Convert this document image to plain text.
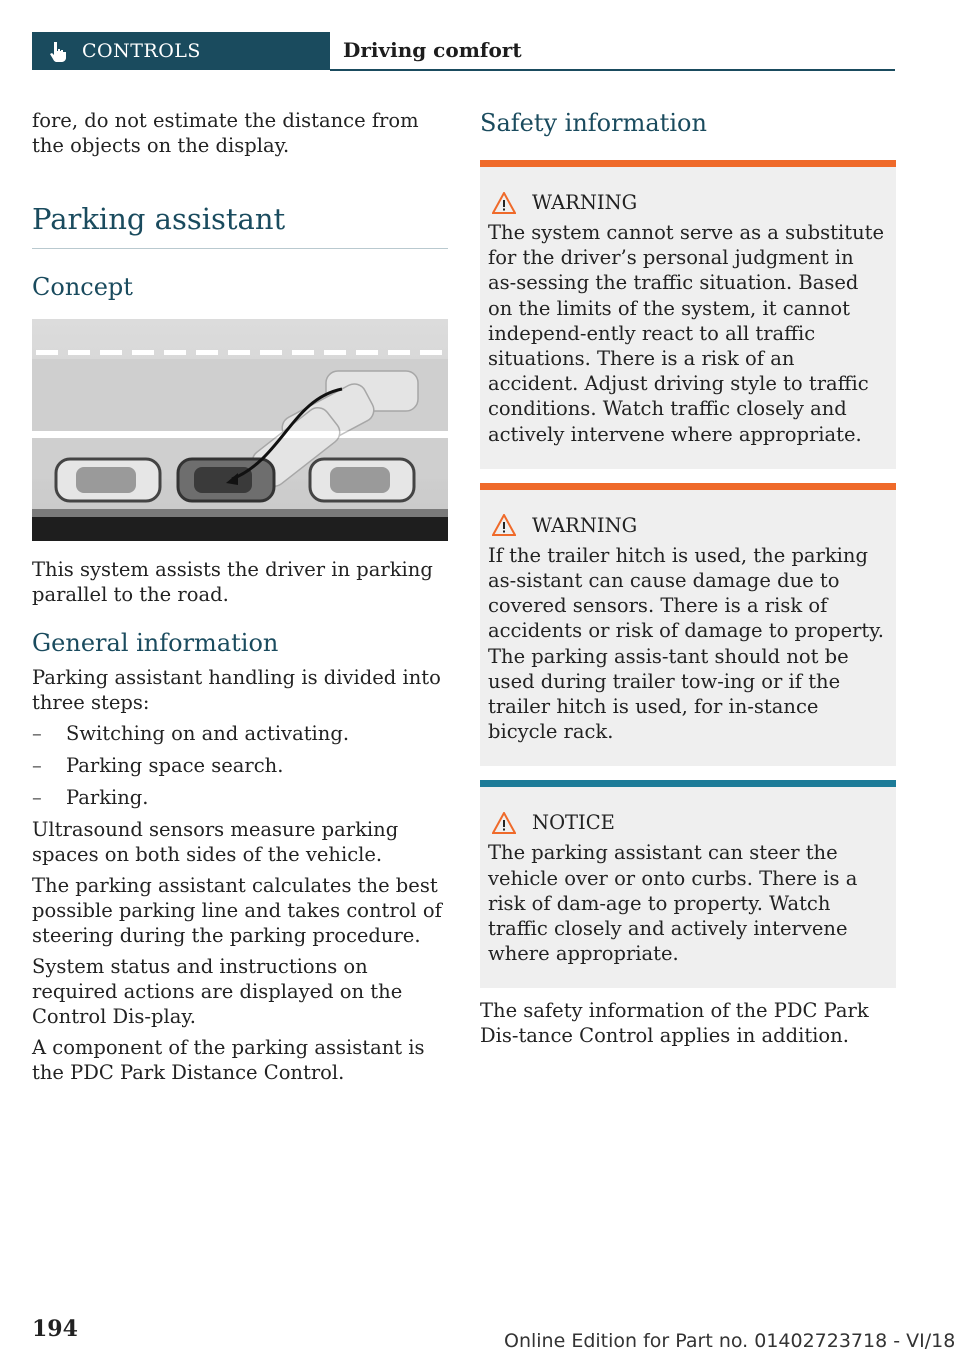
CONTROLS	Driving comfort

fore, do not estimate the distance from the objects on the display.

Parking assistant
Concept

This system assists the driver in parking parallel to the road.

General information

Parking assistant handling is divided into three steps:

– Switching on and activating.
– Parking space search.
– Parking.

Ultrasound sensors measure parking spaces on both sides of the vehicle.

The parking assistant calculates the best possible parking line and takes control of steering during the parking procedure.

System status and instructions on required actions are displayed on the Control Dis-play.

A component of the parking assistant is the PDC Park Distance Control.

Safety information
WARNING

The system cannot serve as a substitute for the driver’s personal judgment in as-sessing the traffic situation. Based on the limits of the system, it cannot independ-ently react to all traffic situations. There is a risk of an accident. Adjust driving style to traffic conditions. Watch traffic closely and actively intervene where appropriate.

WARNING

If the trailer hitch is used, the parking as-sistant can cause damage due to covered sensors. There is a risk of accidents or risk of damage to property. The parking assis-tant should not be used during trailer tow-ing or if the trailer hitch is used, for in-stance bicycle rack.

NOTICE

The parking assistant can steer the vehicle over or onto curbs. There is a risk of dam-age to property. Watch traffic closely and actively intervene where appropriate.

The safety information of the PDC Park Dis-tance Control applies in addition.

194	Online Edition for Part no. 01402723718 - VI/18
